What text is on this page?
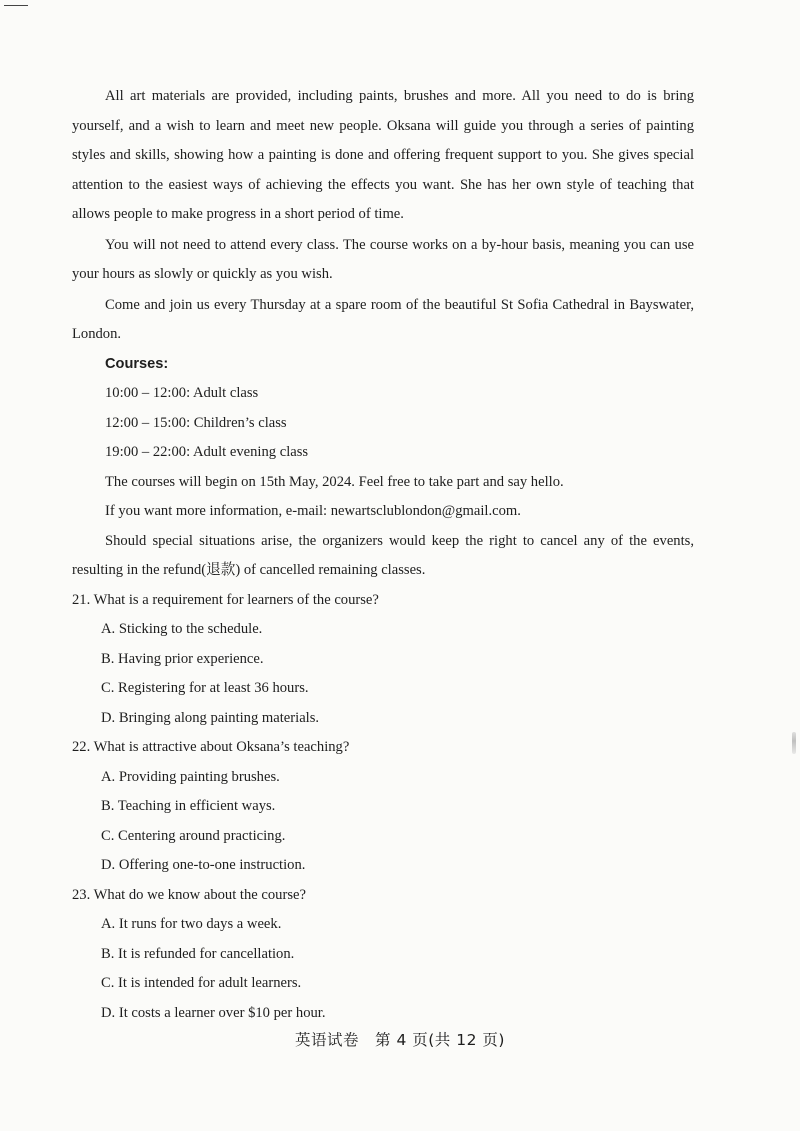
All art materials are provided, including paints, brushes and more. All you need to do is bring yourself, and a wish to learn and meet new people. Oksana will guide you through a series of painting styles and skills, showing how a painting is done and offering frequent support to you. She gives special attention to the easiest ways of achieving the effects you want. She has her own style of teaching that allows people to make progress in a short period of time.

You will not need to attend every class. The course works on a by-hour basis, meaning you can use your hours as slowly or quickly as you wish.

Come and join us every Thursday at a spare room of the beautiful St Sofia Cathedral in Bayswater, London.

Courses:

10:00 – 12:00: Adult class

12:00 – 15:00: Children’s class

19:00 – 22:00: Adult evening class

The courses will begin on 15th May, 2024. Feel free to take part and say hello.

If you want more information, e-mail: newartsclublondon@gmail.com.

Should special situations arise, the organizers would keep the right to cancel any of the events, resulting in the refund(退款) of cancelled remaining classes.

21. What is a requirement for learners of the course?

A. Sticking to the schedule.

B. Having prior experience.

C. Registering for at least 36 hours.

D. Bringing along painting materials.

22. What is attractive about Oksana’s teaching?

A. Providing painting brushes.

B. Teaching in efficient ways.

C. Centering around practicing.

D. Offering one-to-one instruction.

23. What do we know about the course?

A. It runs for two days a week.

B. It is refunded for cancellation.

C. It is intended for adult learners.

D. It costs a learner over $10 per hour.

英语试卷　第 4 页(共 12 页)
